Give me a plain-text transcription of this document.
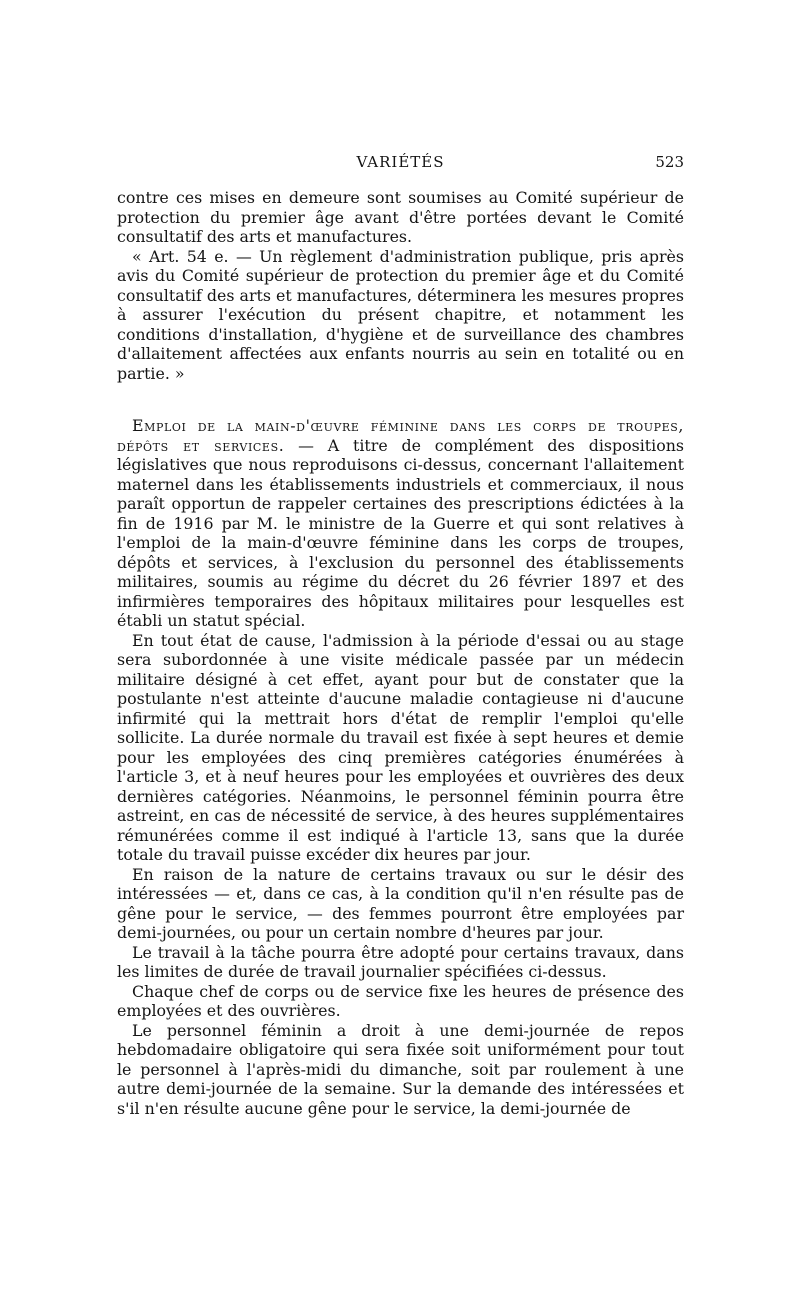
VARIÉTÉS	523

contre ces mises en demeure sont soumises au Comité supérieur de protection du premier âge avant d'être portées devant le Comité consultatif des arts et manufactures.

« Art. 54 e. — Un règlement d'administration publique, pris après avis du Comité supérieur de protection du premier âge et du Comité consultatif des arts et manufactures, déterminera les mesures propres à assurer l'exécution du présent chapitre, et notamment les conditions d'installation, d'hygiène et de surveillance des chambres d'allaitement affectées aux enfants nourris au sein en totalité ou en partie. »

Emploi de la main-d'œuvre féminine dans les corps de troupes, dépôts et services. — A titre de complément des dispositions législatives que nous reproduisons ci-dessus, concernant l'allaitement maternel dans les établissements industriels et commerciaux, il nous paraît opportun de rappeler certaines des prescriptions édictées à la fin de 1916 par M. le ministre de la Guerre et qui sont relatives à l'emploi de la main-d'œuvre féminine dans les corps de troupes, dépôts et services, à l'exclusion du personnel des établissements militaires, soumis au régime du décret du 26 février 1897 et des infirmières temporaires des hôpitaux militaires pour lesquelles est établi un statut spécial.

En tout état de cause, l'admission à la période d'essai ou au stage sera subordonnée à une visite médicale passée par un médecin militaire désigné à cet effet, ayant pour but de constater que la postulante n'est atteinte d'aucune maladie contagieuse ni d'aucune infirmité qui la mettrait hors d'état de remplir l'emploi qu'elle sollicite. La durée normale du travail est fixée à sept heures et demie pour les employées des cinq premières catégories énumérées à l'article 3, et à neuf heures pour les employées et ouvrières des deux dernières catégories. Néanmoins, le personnel féminin pourra être astreint, en cas de nécessité de service, à des heures supplémentaires rémunérées comme il est indiqué à l'article 13, sans que la durée totale du travail puisse excéder dix heures par jour.

En raison de la nature de certains travaux ou sur le désir des intéressées — et, dans ce cas, à la condition qu'il n'en résulte pas de gêne pour le service, — des femmes pourront être employées par demi-journées, ou pour un certain nombre d'heures par jour.

Le travail à la tâche pourra être adopté pour certains travaux, dans les limites de durée de travail journalier spécifiées ci-dessus.

Chaque chef de corps ou de service fixe les heures de présence des employées et des ouvrières.

Le personnel féminin a droit à une demi-journée de repos hebdomadaire obligatoire qui sera fixée soit uniformément pour tout le personnel à l'après-midi du dimanche, soit par roulement à une autre demi-journée de la semaine. Sur la demande des intéressées et s'il n'en résulte aucune gêne pour le service, la demi-journée de
